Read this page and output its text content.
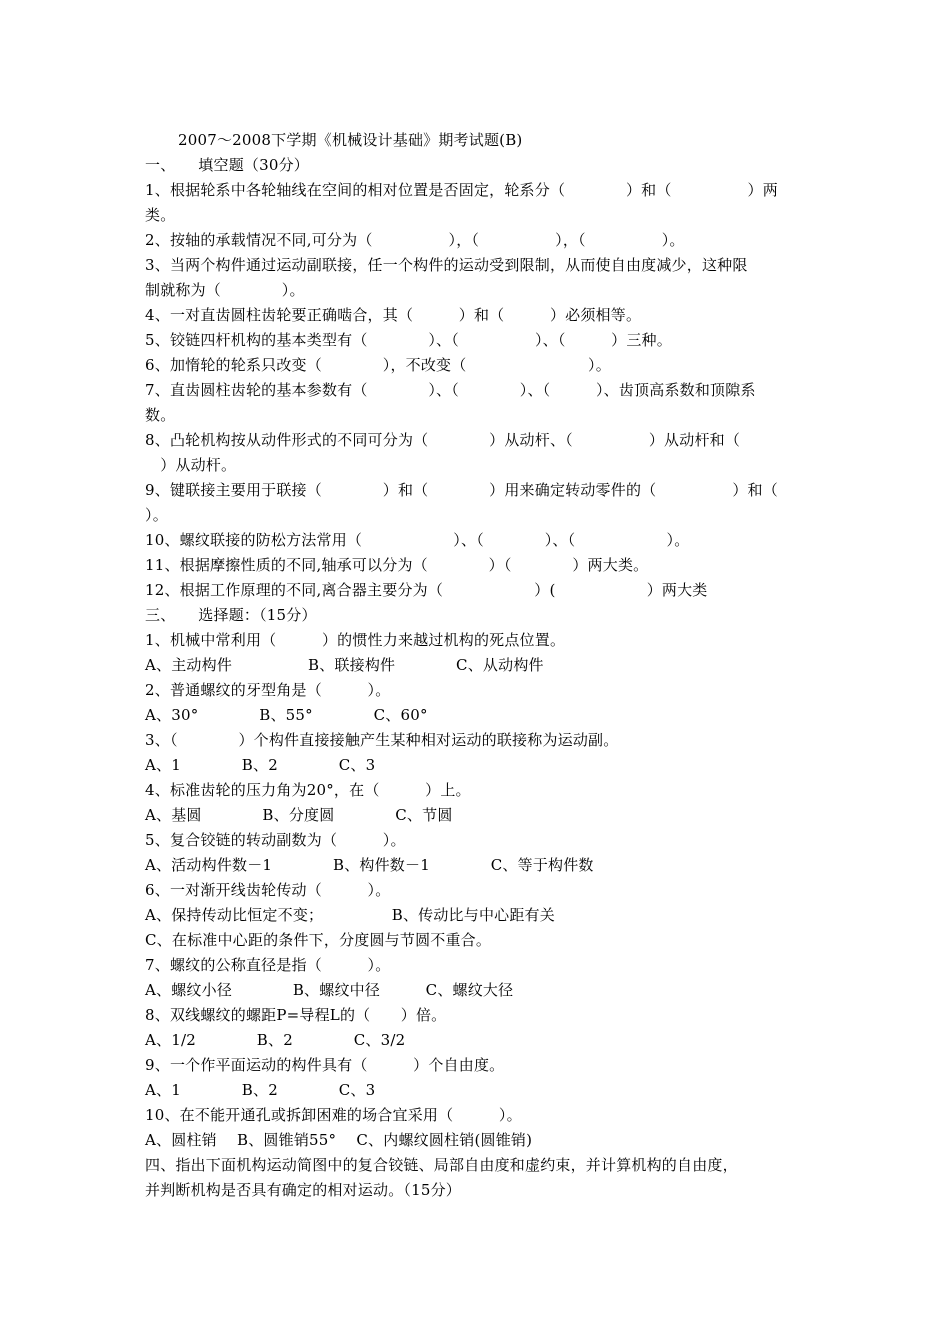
2007～2008下学期《机械设计基础》期考试题(B)
一、　　填空题（30分）
1、根据轮系中各轮轴线在空间的相对位置是否固定，轮系分（　　　　）和（　　　　　）两
类。
2、按轴的承载情况不同,可分为（　　　　　），（　　　　　），（　　　　　）。
3、当两个构件通过运动副联接，任一个构件的运动受到限制，从而使自由度减少，这种限
制就称为（　　　　）。
4、一对直齿圆柱齿轮要正确啮合，其（　　　）和（　　　）必须相等。
5、铰链四杆机构的基本类型有（　　　　）、（　　　　　）、（　　　）三种。
6、加惰轮的轮系只改变（　　　　），不改变（　　　　　　　　）。
7、直齿圆柱齿轮的基本参数有（　　　　）、（　　　　）、（　　　）、齿顶高系数和顶隙系
数。
8、凸轮机构按从动件形式的不同可分为（　　　　）从动杆、（　　　　　）从动杆和（
　）从动杆。
9、键联接主要用于联接（　　　　）和（　　　　）用来确定转动零件的（　　　　　）和（
）。
10、螺纹联接的防松方法常用（　　　　　　）、（　　　　）、（　　　　　　）。
11、根据摩擦性质的不同,轴承可以分为（　　　　）（　　　　）两大类。
12、根据工作原理的不同,离合器主要分为（　　　　　　）(　　　　　　）两大类
三、　　选择题：（15分）
1、机械中常利用（　　　）的惯性力来越过机构的死点位置。
A、主动构件　　　　　B、联接构件　　　　C、从动构件
2、普通螺纹的牙型角是（　　　）。
A、30°　　　　B、55°　　　　C、60°
3、（　　　　）个构件直接接触产生某种相对运动的联接称为运动副。
A、1　　　　B、2　　　　C、3
4、标准齿轮的压力角为20°，在（　　　）上。
A、基圆　　　　B、分度圆　　　　C、节圆
5、复合铰链的转动副数为（　　　）。
A、活动构件数－1　　　　B、构件数－1　　　　C、等于构件数
6、一对渐开线齿轮传动（　　　）。
A、保持传动比恒定不变；　　　　　B、传动比与中心距有关
C、在标准中心距的条件下，分度圆与节圆不重合。
7、螺纹的公称直径是指（　　　）。
A、螺纹小径　　　　B、螺纹中径　　　C、螺纹大径
8、双线螺纹的螺距P=导程L的（　　）倍。
A、1/2　　　　B、2　　　　C、3/2
9、一个作平面运动的构件具有（　　　）个自由度。
A、1　　　　B、2　　　　C、3
10、在不能开通孔或拆卸困难的场合宜采用（　　　）。
A、圆柱销　 B、圆锥销55°　 C、内螺纹圆柱销(圆锥销)
四、指出下面机构运动简图中的复合铰链、局部自由度和虚约束，并计算机构的自由度，
并判断机构是否具有确定的相对运动。（15分）
